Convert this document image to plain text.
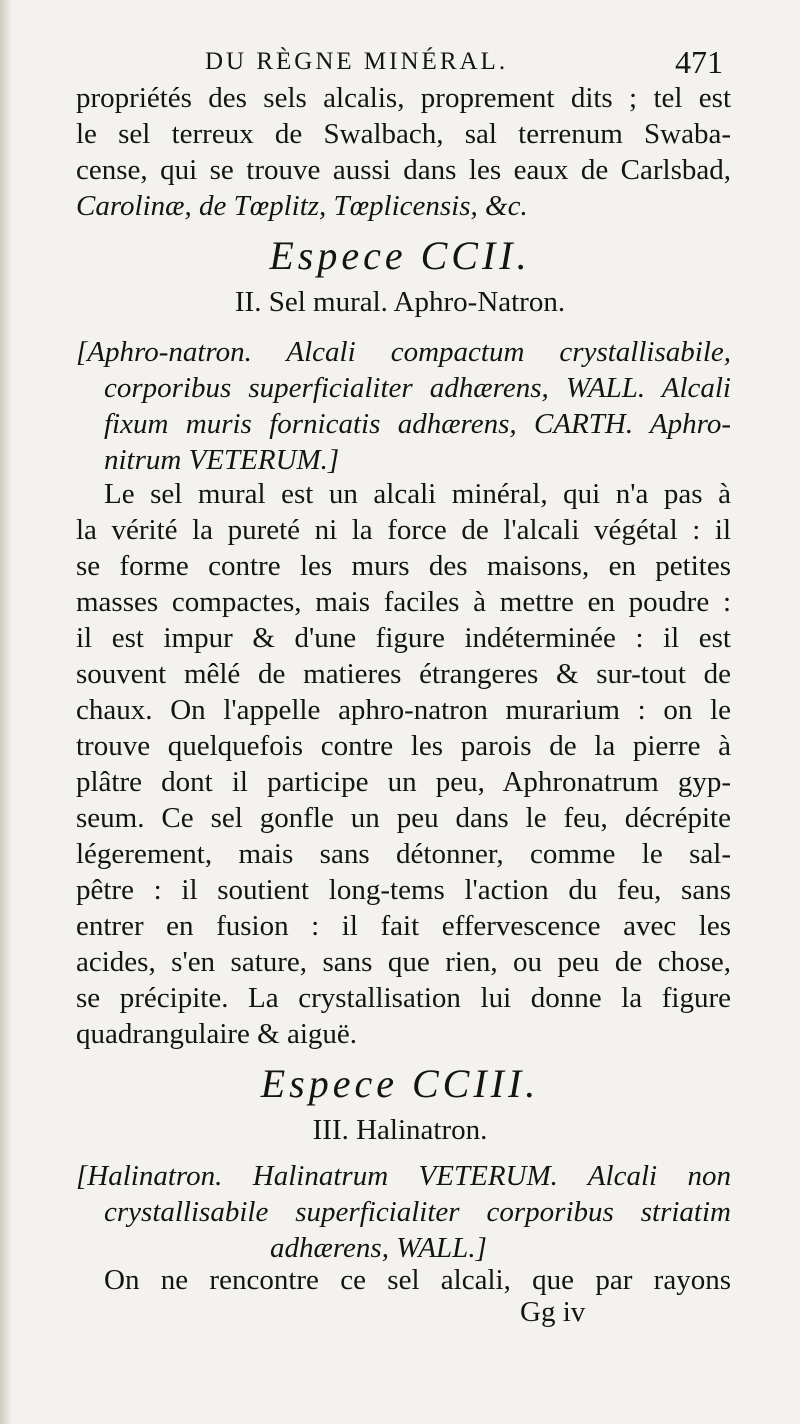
DU RÈGNE MINÉRAL.	471
propriétés des sels alcalis, proprement dits ; tel est
le sel terreux de Swalbach, sal terrenum Swaba-
cense, qui se trouve aussi dans les eaux de Carlsbad,
Carolinæ, de Tœplitz, Tœplicensis, &c.
Espece CCII.
II. Sel mural. Aphro-Natron.
[Aphro-natron. Alcali compactum crystallisabile,
corporibus superficialiter adhærens, WALL. Alcali
fixum muris fornicatis adhærens, CARTH. Aphro-
nitrum VETERUM.]
Le sel mural est un alcali minéral, qui n'a pas à
la vérité la pureté ni la force de l'alcali végétal : il
se forme contre les murs des maisons, en petites
masses compactes, mais faciles à mettre en poudre :
il est impur & d'une figure indéterminée : il est
souvent mêlé de matieres étrangeres & sur-tout de
chaux. On l'appelle aphro-natron murarium : on le
trouve quelquefois contre les parois de la pierre à
plâtre dont il participe un peu, Aphronatrum gyp-
seum. Ce sel gonfle un peu dans le feu, décrépite
légerement, mais sans détonner, comme le sal-
pêtre : il soutient long-tems l'action du feu, sans
entrer en fusion : il fait effervescence avec les
acides, s'en sature, sans que rien, ou peu de chose,
se précipite. La crystallisation lui donne la figure
quadrangulaire & aiguë.
Espece CCIII.
III. Halinatron.
[Halinatron. Halinatrum VETERUM. Alcali non
crystallisabile superficialiter corporibus striatim
adhærens, WALL.]
On ne rencontre ce sel alcali, que par rayons
Gg iv
